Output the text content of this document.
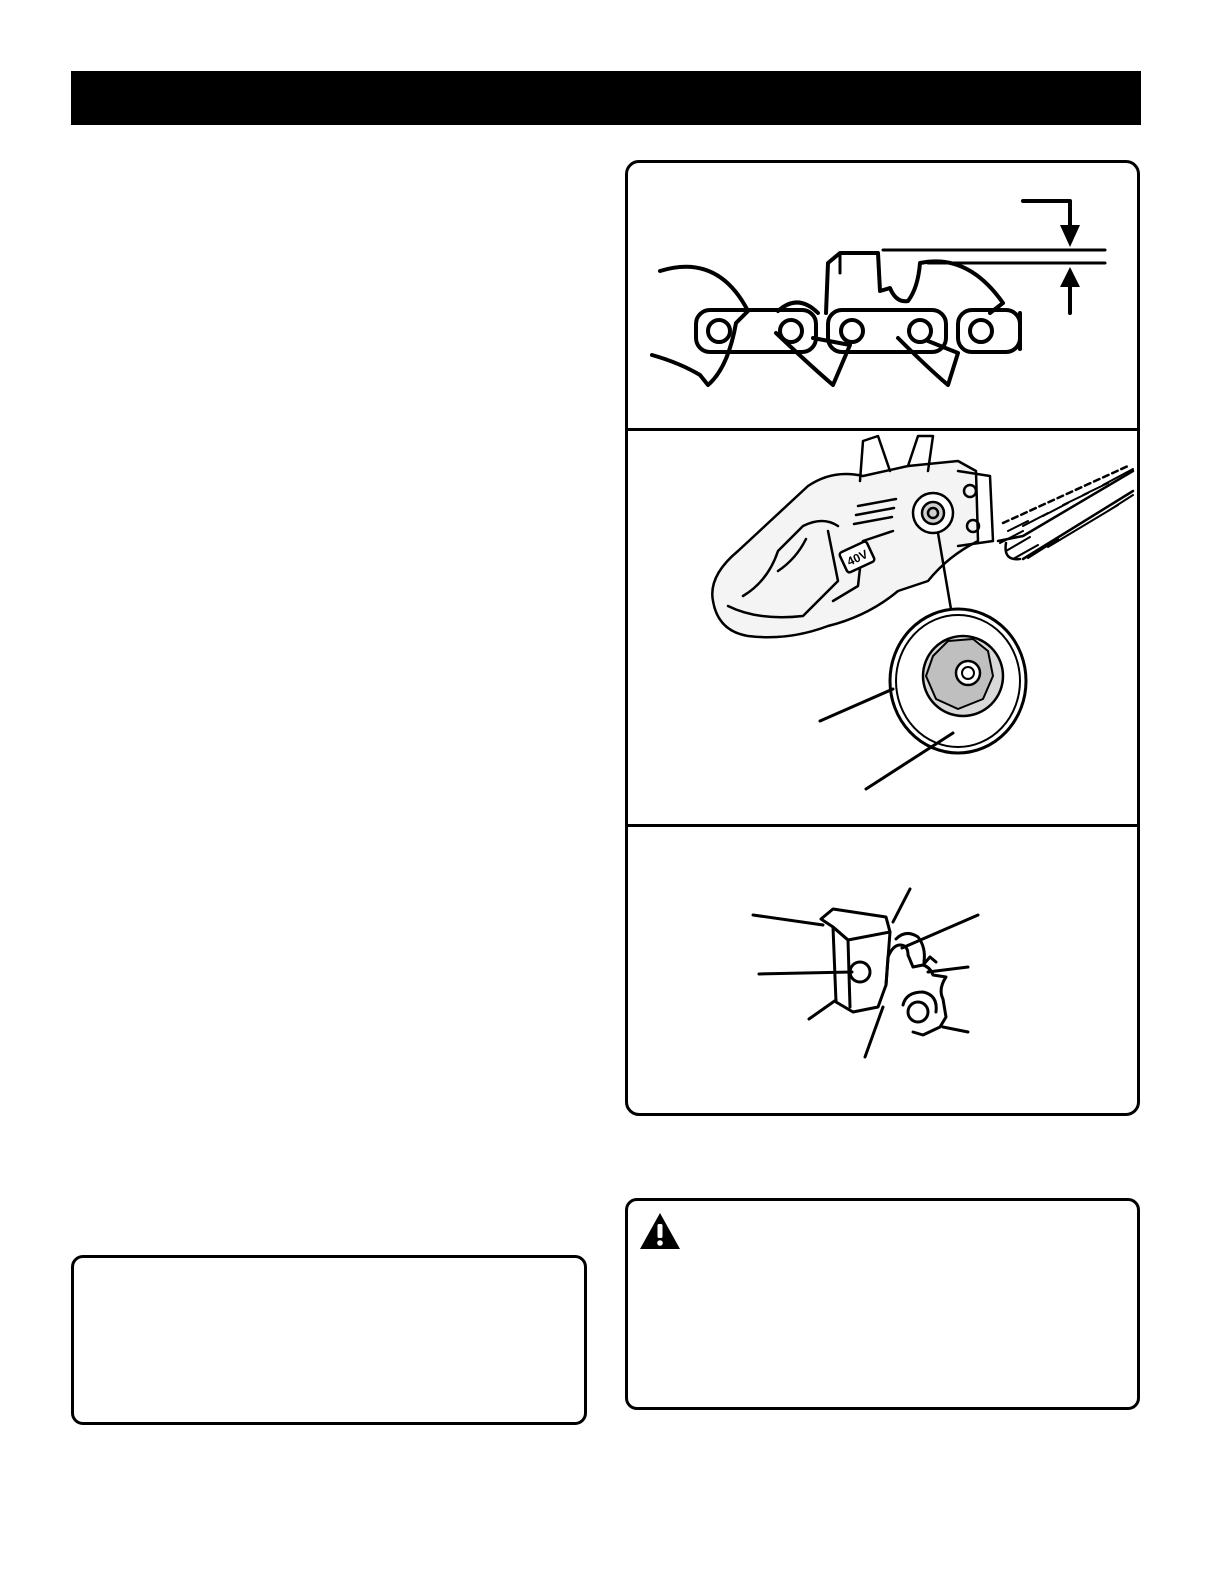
40V
